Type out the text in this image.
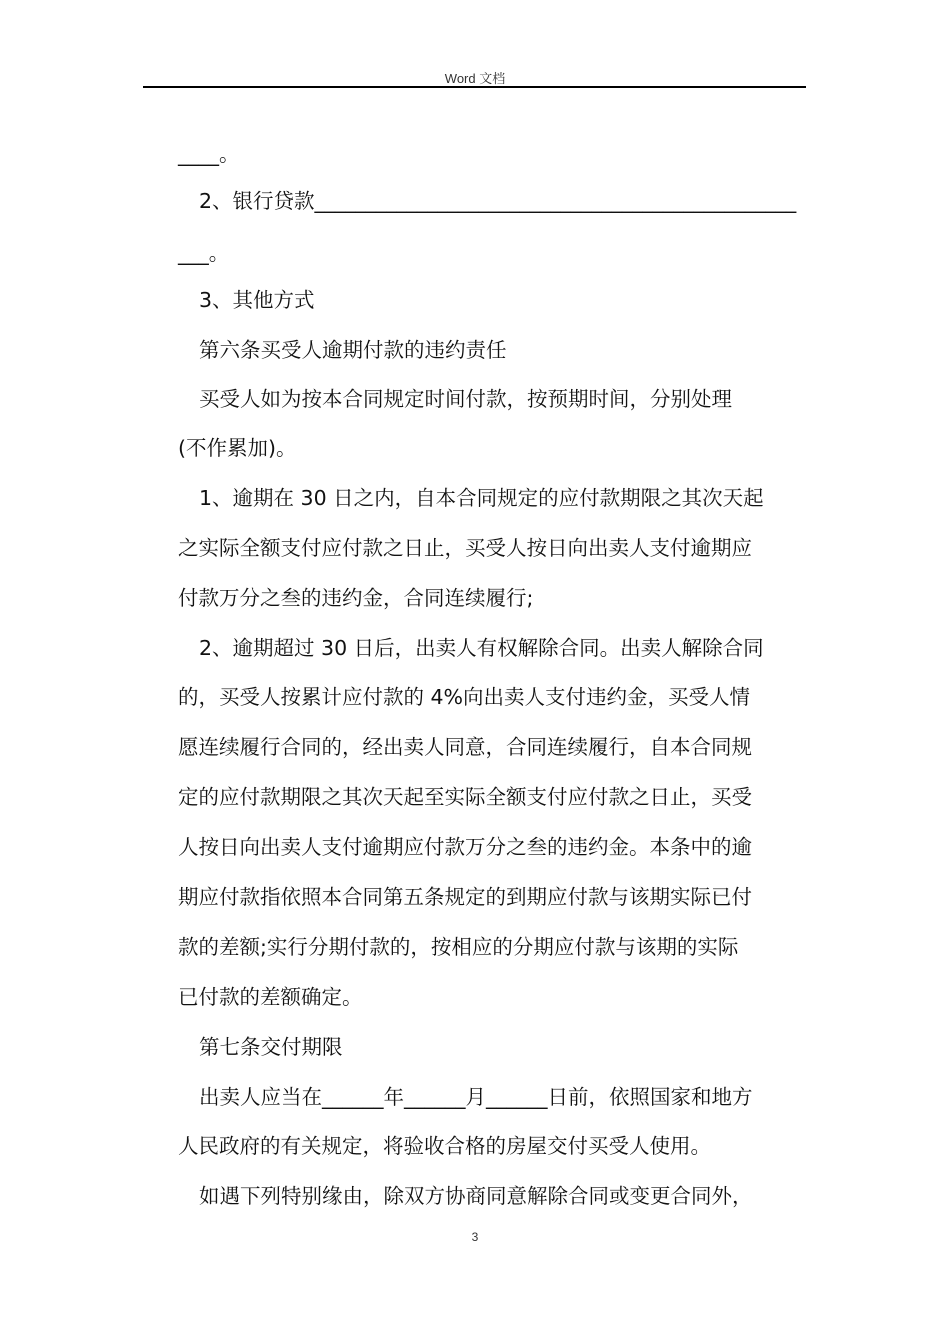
Word 文档
____。
2、银行贷款_______________________________________________
___。
3、其他方式
第六条买受人逾期付款的违约责任
买受人如为按本合同规定时间付款，按预期时间，分别处理
(不作累加)。
1、逾期在 30 日之内，自本合同规定的应付款期限之其次天起
之实际全额支付应付款之日止，买受人按日向出卖人支付逾期应
付款万分之叁的违约金，合同连续履行;
2、逾期超过 30 日后，出卖人有权解除合同。出卖人解除合同
的，买受人按累计应付款的 4%向出卖人支付违约金，买受人情
愿连续履行合同的，经出卖人同意，合同连续履行，自本合同规
定的应付款期限之其次天起至实际全额支付应付款之日止，买受
人按日向出卖人支付逾期应付款万分之叁的违约金。本条中的逾
期应付款指依照本合同第五条规定的到期应付款与该期实际已付
款的差额;实行分期付款的，按相应的分期应付款与该期的实际
已付款的差额确定。
第七条交付期限
出卖人应当在______年______月______日前，依照国家和地方
人民政府的有关规定，将验收合格的房屋交付买受人使用。
如遇下列特别缘由，除双方协商同意解除合同或变更合同外，
3
